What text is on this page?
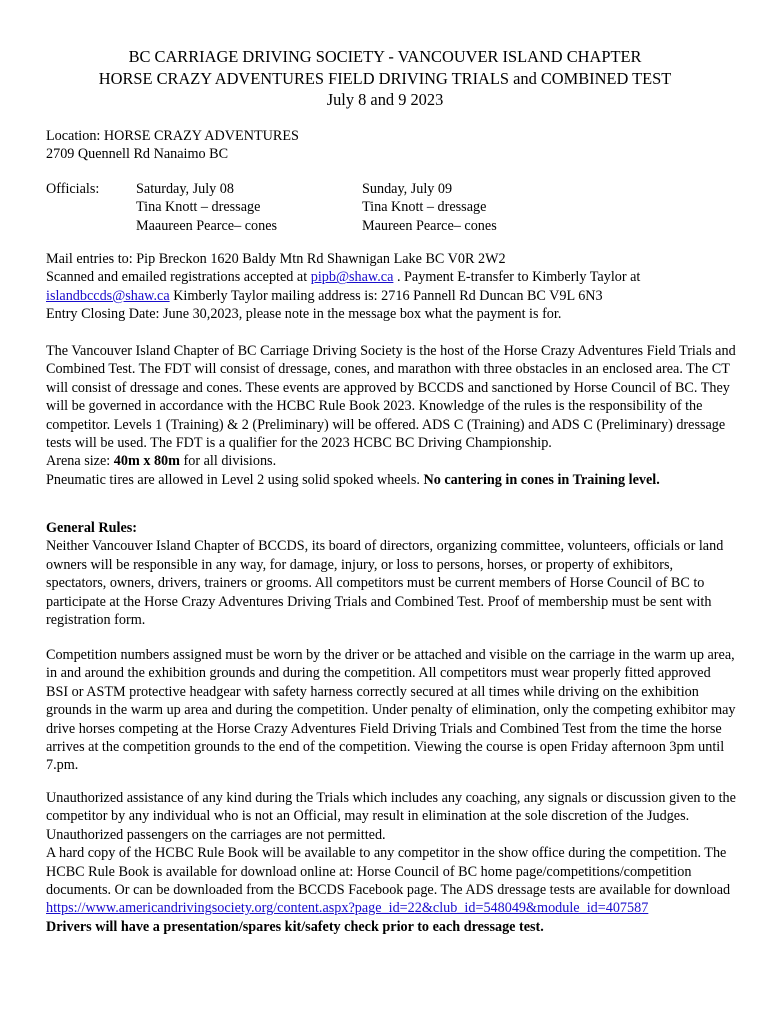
BC CARRIAGE DRIVING SOCIETY - VANCOUVER ISLAND CHAPTER
HORSE CRAZY ADVENTURES FIELD DRIVING TRIALS and COMBINED TEST
July 8 and 9 2023
Location: HORSE CRAZY ADVENTURES
2709 Quennell Rd Nanaimo BC
Officials:	Saturday, July 08
Tina Knott – dressage
Maaureen Pearce– cones
Sunday, July 09
Tina Knott – dressage
Maureen Pearce– cones
Mail entries to: Pip Breckon 1620 Baldy Mtn Rd Shawnigan Lake BC V0R 2W2
Scanned and emailed registrations accepted at pipb@shaw.ca . Payment E-transfer to Kimberly Taylor at
islandbccds@shaw.ca Kimberly Taylor mailing address is: 2716 Pannell Rd Duncan BC V9L 6N3
Entry Closing Date: June 30,2023, please note in the message box what the payment is for.

The Vancouver Island Chapter of BC Carriage Driving Society is the host of the Horse Crazy Adventures Field Trials and Combined Test. The FDT will consist of dressage, cones, and marathon with three obstacles in an enclosed area. The CT will consist of dressage and cones. These events are approved by BCCDS and sanctioned by Horse Council of BC. They will be governed in accordance with the HCBC Rule Book 2023. Knowledge of the rules is the responsibility of the competitor. Levels 1 (Training) & 2 (Preliminary) will be offered. ADS C (Training) and ADS C (Preliminary) dressage tests will be used. The FDT is a qualifier for the 2023 HCBC BC Driving Championship.

Arena size: 40m x 80m for all divisions.
Pneumatic tires are allowed in Level 2 using solid spoked wheels. No cantering in cones in Training level.
General Rules:

Neither Vancouver Island Chapter of BCCDS, its board of directors, organizing committee, volunteers, officials or land owners will be responsible in any way, for damage, injury, or loss to persons, horses, or property of exhibitors, spectators, owners, drivers, trainers or grooms. All competitors must be current members of Horse Council of BC to participate at the Horse Crazy Adventures Driving Trials and Combined Test. Proof of membership must be sent with registration form.

Competition numbers assigned must be worn by the driver or be attached and visible on the carriage in the warm up area, in and around the exhibition grounds and during the competition. All competitors must wear properly fitted approved BSI or ASTM protective headgear with safety harness correctly secured at all times while driving on the exhibition grounds in the warm up area and during the competition. Under penalty of elimination, only the competing exhibitor may drive horses competing at the Horse Crazy Adventures Field Driving Trials and Combined Test from the time the horse arrives at the competition grounds to the end of the competition. Viewing the course is open Friday afternoon 3pm until 7.pm.

Unauthorized assistance of any kind during the Trials which includes any coaching, any signals or discussion given to the competitor by any individual who is not an Official, may result in elimination at the sole discretion of the Judges. Unauthorized passengers on the carriages are not permitted.

A hard copy of the HCBC Rule Book will be available to any competitor in the show office during the competition. The HCBC Rule Book is available for download online at: Horse Council of BC home page/competitions/competition documents. Or can be downloaded from the BCCDS Facebook page. The ADS dressage tests are available for download

https://www.americandrivingsociety.org/content.aspx?page_id=22&club_id=548049&module_id=407587
Drivers will have a presentation/spares kit/safety check prior to each dressage test.
